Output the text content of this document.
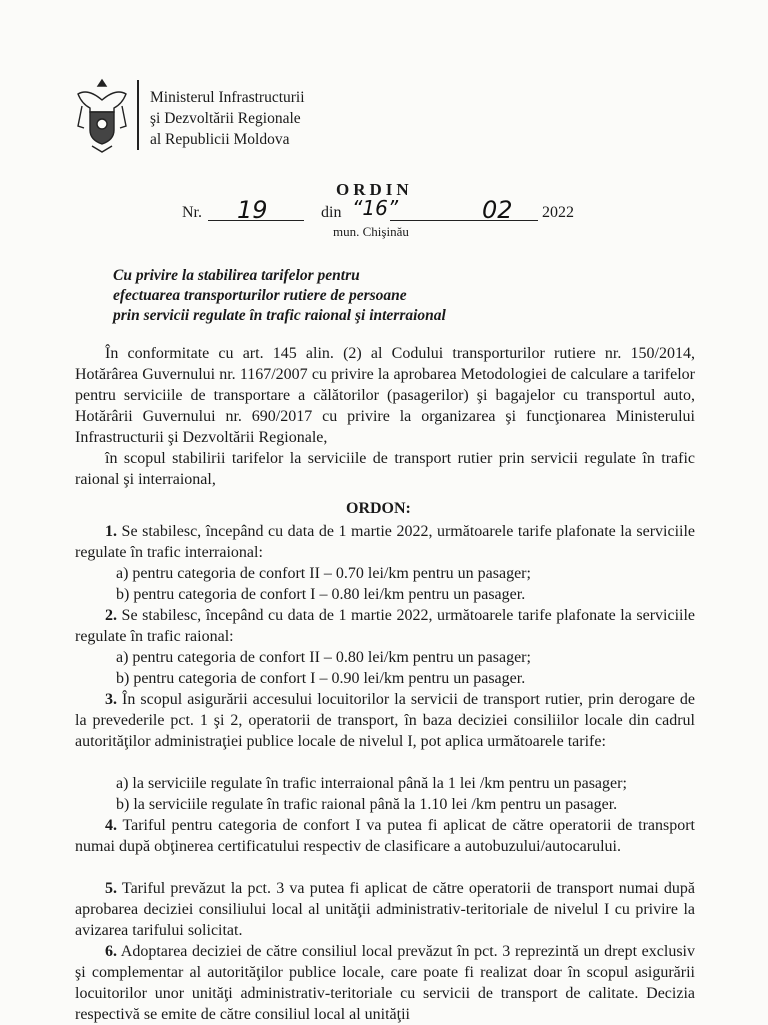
Ministerul Infrastructurii
şi Dezvoltării Regionale
al Republicii Moldova
ORDIN
Nr. 19	din “16”	02 2022
mun. Chişinău
Cu privire la stabilirea tarifelor pentru
efectuarea transporturilor rutiere de persoane
prin servicii regulate în trafic raional şi interraional
În conformitate cu art. 145 alin. (2) al Codului transporturilor rutiere nr. 150/2014, Hotărârea Guvernului nr. 1167/2007 cu privire la aprobarea Metodologiei de calculare a tarifelor pentru serviciile de transportare a călătorilor (pasagerilor) şi bagajelor cu transportul auto, Hotărârii Guvernului nr. 690/2017 cu privire la organizarea şi funcţionarea Ministerului Infrastructurii şi Dezvoltării Regionale,
în scopul stabilirii tarifelor la serviciile de transport rutier prin servicii regulate în trafic raional şi interraional,
ORDON:
1. Se stabilesc, începând cu data de 1 martie 2022, următoarele tarife plafonate la serviciile regulate în trafic interraional:
a) pentru categoria de confort II – 0.70 lei/km pentru un pasager;
b) pentru categoria de confort I – 0.80 lei/km pentru un pasager.
2. Se stabilesc, începând cu data de 1 martie 2022, următoarele tarife plafonate la serviciile regulate în trafic raional:
a) pentru categoria de confort II – 0.80 lei/km pentru un pasager;
b) pentru categoria de confort I – 0.90 lei/km pentru un pasager.
3. În scopul asigurării accesului locuitorilor la servicii de transport rutier, prin derogare de la prevederile pct. 1 şi 2, operatorii de transport, în baza deciziei consiliilor locale din cadrul autorităţilor administraţiei publice locale de nivelul I, pot aplica următoarele tarife:
a) la serviciile regulate în trafic interraional până la 1 lei /km pentru un pasager;
b) la serviciile regulate în trafic raional până la 1.10 lei /km pentru un pasager.
4. Tariful pentru categoria de confort I va putea fi aplicat de către operatorii de transport numai după obţinerea certificatului respectiv de clasificare a autobuzului/autocarului.
5. Tariful prevăzut la pct. 3 va putea fi aplicat de către operatorii de transport numai după aprobarea deciziei consiliului local al unităţii administrativ-teritoriale de nivelul I cu privire la avizarea tarifului solicitat.
6. Adoptarea deciziei de către consiliul local prevăzut în pct. 3 reprezintă un drept exclusiv şi complementar al autorităţilor publice locale, care poate fi realizat doar în scopul asigurării locuitorilor unor unităţi administrativ-teritoriale cu servicii de transport de calitate. Decizia respectivă se emite de către consiliul local al unităţii
